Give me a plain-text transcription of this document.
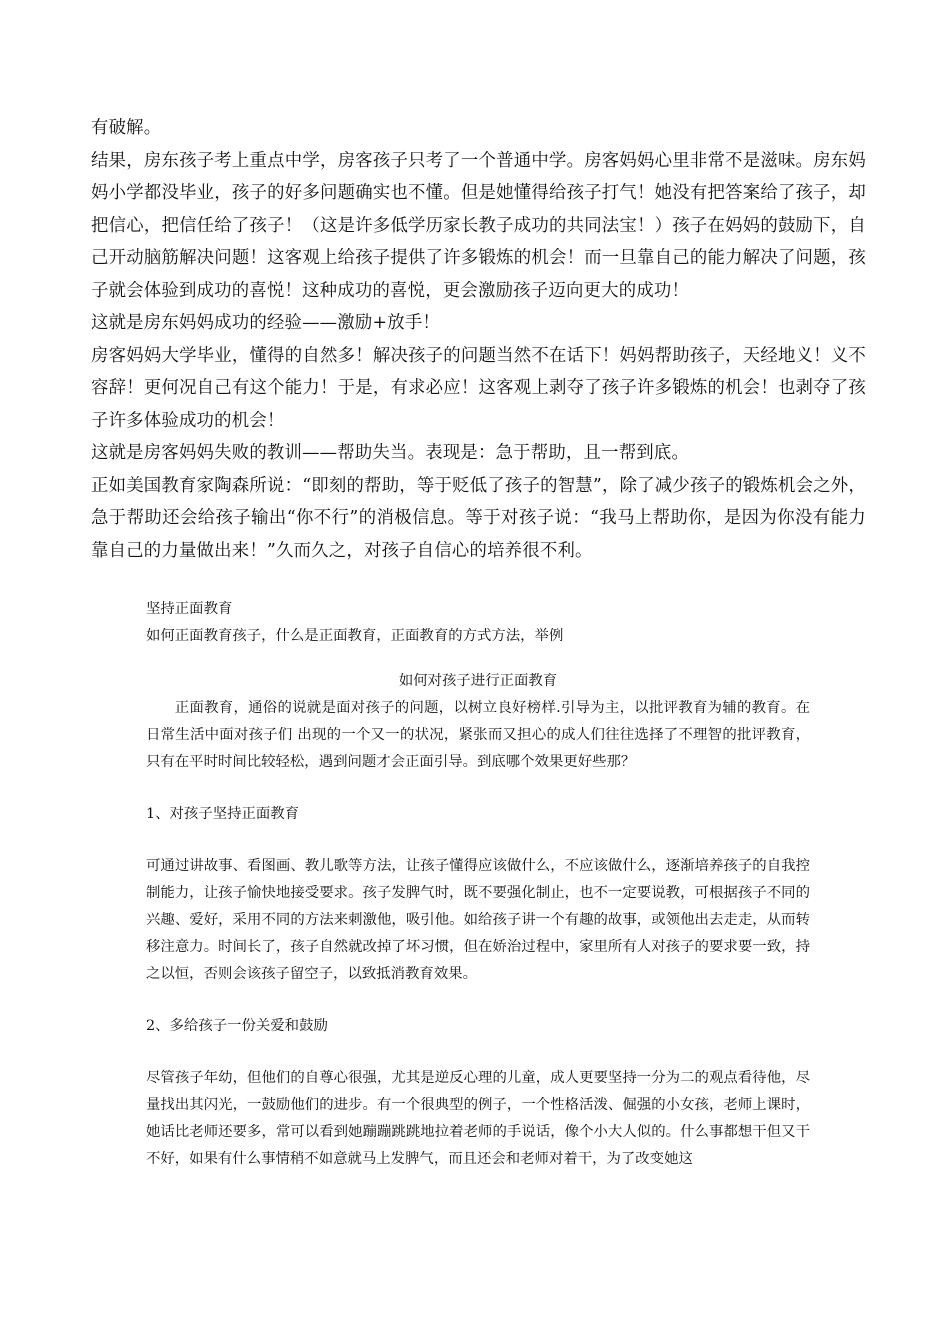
有破解。

结果，房东孩子考上重点中学，房客孩子只考了一个普通中学。房客妈妈心里非常不是滋味。房东妈妈小学都没毕业，孩子的好多问题确实也不懂。但是她懂得给孩子打气！她没有把答案给了孩子，却把信心，把信任给了孩子！（这是许多低学历家长教子成功的共同法宝！）孩子在妈妈的鼓励下，自己开动脑筋解决问题！这客观上给孩子提供了许多锻炼的机会！而一旦靠自己的能力解决了问题，孩子就会体验到成功的喜悦！这种成功的喜悦，更会激励孩子迈向更大的成功！

这就是房东妈妈成功的经验——激励+放手！

房客妈妈大学毕业，懂得的自然多！解决孩子的问题当然不在话下！妈妈帮助孩子，天经地义！义不容辞！更何况自己有这个能力！于是，有求必应！这客观上剥夺了孩子许多锻炼的机会！也剥夺了孩子许多体验成功的机会！

这就是房客妈妈失败的教训——帮助失当。表现是：急于帮助，且一帮到底。

正如美国教育家陶森所说：“即刻的帮助，等于贬低了孩子的智慧”，除了减少孩子的锻炼机会之外，急于帮助还会给孩子输出“你不行”的消极信息。等于对孩子说：“我马上帮助你，是因为你没有能力靠自己的力量做出来！”久而久之，对孩子自信心的培养很不利。

坚持正面教育

如何正面教育孩子，什么是正面教育，正面教育的方式方法，举例

如何对孩子进行正面教育

正面教育，通俗的说就是面对孩子的问题，以树立良好榜样.引导为主，以批评教育为辅的教育。在日常生活中面对孩子们 出现的一个又一的状况，紧张而又担心的成人们往往选择了不理智的批评教育，只有在平时时间比较轻松，遇到问题才会正面引导。到底哪个效果更好些那？

1、对孩子坚持正面教育

可通过讲故事、看图画、教儿歌等方法，让孩子懂得应该做什么，不应该做什么，逐渐培养孩子的自我控制能力，让孩子愉快地接受要求。孩子发脾气时，既不要强化制止，也不一定要说教，可根据孩子不同的兴趣、爱好，采用不同的方法来刺激他，吸引他。如给孩子讲一个有趣的故事，或领他出去走走，从而转移注意力。时间长了，孩子自然就改掉了坏习惯，但在娇治过程中，家里所有人对孩子的要求要一致，持之以恒，否则会该孩子留空子，以致抵消教育效果。

2、多给孩子一份关爱和鼓励

尽管孩子年幼，但他们的自尊心很强，尤其是逆反心理的儿童，成人更要坚持一分为二的观点看待他，尽量找出其闪光，一鼓励他们的进步。有一个很典型的例子，一个性格活泼、倔强的小女孩，老师上课时，她话比老师还要多，常可以看到她蹦蹦跳跳地拉着老师的手说话，像个小大人似的。什么事都想干但又干不好，如果有什么事情稍不如意就马上发脾气，而且还会和老师对着干，为了改变她这
